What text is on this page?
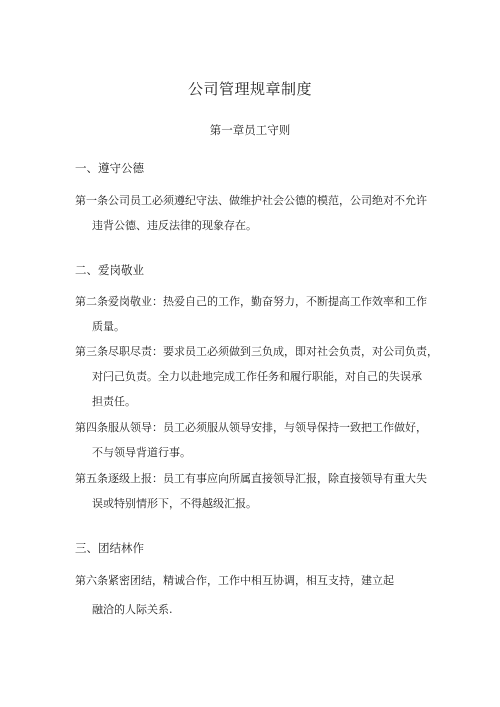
公司管理规章制度
第一章员工守则
一、遵守公德
第一条公司员工必须遵纪守法、做维护社会公德的模范，公司绝对不允许
违背公德、违反法律的现象存在。
二、爱岗敬业
第二条爱岗敬业：热爱自己的工作，勤奋努力，不断提高工作效率和工作
质量。
第三条尽职尽责：要求员工必须做到三负成，即对社会负责，对公司负责，
对闩己负责。全力以赴地完成工作任务和履行职能，对自己的失误承
担责任。
第四条服从领导：员工必须服从领导安排，与领导保持一致把工作做好，
不与领导背道行事。
第五条逐级上报：员工有事应向所属直接领导汇报，除直接领导有重大失
误或特别情形下，不得越级汇报。
三、团结林作
第六条紧密团结，精诚合作，工作中相互协调，相互支持，建立起
融洽的人际关系.
